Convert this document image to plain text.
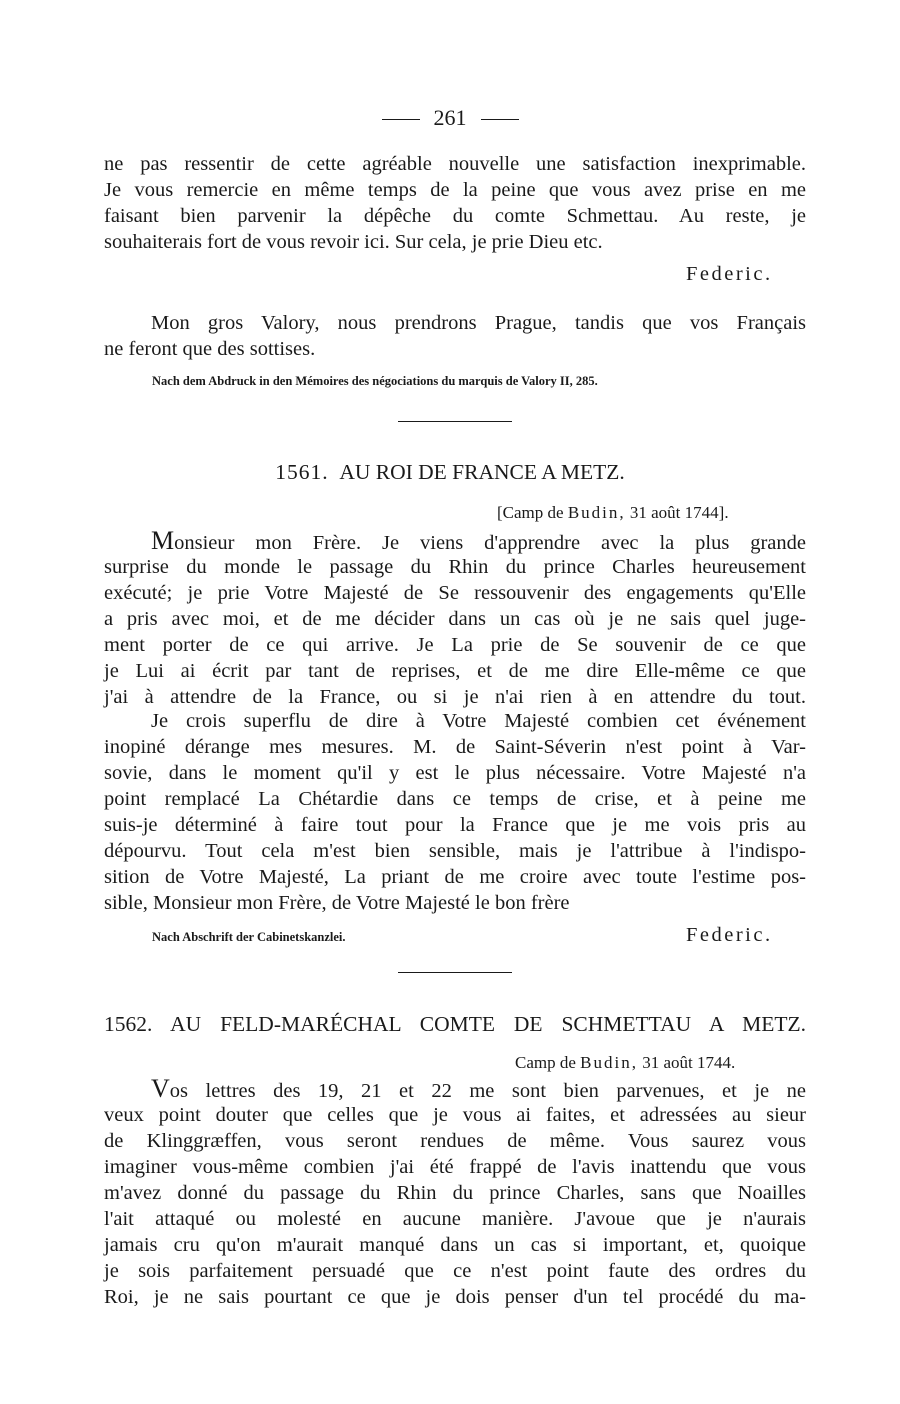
261
ne pas ressentir de cette agréable nouvelle une satisfaction inexprimable.
Je vous remercie en même temps de la peine que vous avez prise en me
faisant bien parvenir la dépêche du comte Schmettau. Au reste, je
souhaiterais fort de vous revoir ici. Sur cela, je prie Dieu etc.
Federic.
Mon gros Valory, nous prendrons Prague, tandis que vos Français
ne feront que des sottises.
Nach dem Abdruck in den Mémoires des négociations du marquis de Valory II, 285.
1561. AU ROI DE FRANCE A METZ.
[Camp de Budin, 31 août 1744].
Monsieur mon Frère. Je viens d'apprendre avec la plus grande
surprise du monde le passage du Rhin du prince Charles heureusement
exécuté; je prie Votre Majesté de Se ressouvenir des engagements qu'Elle
a pris avec moi, et de me décider dans un cas où je ne sais quel juge-
ment porter de ce qui arrive. Je La prie de Se souvenir de ce que
je Lui ai écrit par tant de reprises, et de me dire Elle-même ce que
j'ai à attendre de la France, ou si je n'ai rien à en attendre du tout.
Je crois superflu de dire à Votre Majesté combien cet événement
inopiné dérange mes mesures. M. de Saint-Séverin n'est point à Var-
sovie, dans le moment qu'il y est le plus nécessaire. Votre Majesté n'a
point remplacé La Chétardie dans ce temps de crise, et à peine me
suis-je déterminé à faire tout pour la France que je me vois pris au
dépourvu. Tout cela m'est bien sensible, mais je l'attribue à l'indispo-
sition de Votre Majesté, La priant de me croire avec toute l'estime pos-
sible, Monsieur mon Frère, de Votre Majesté le bon frère
Nach Abschrift der Cabinetskanzlei.	Federic.
1562. AU FELD-MARÉCHAL COMTE DE SCHMETTAU A METZ.
Camp de Budin, 31 août 1744.
Vos lettres des 19, 21 et 22 me sont bien parvenues, et je ne
veux point douter que celles que je vous ai faites, et adressées au sieur
de Klinggræffen, vous seront rendues de même. Vous saurez vous
imaginer vous-même combien j'ai été frappé de l'avis inattendu que vous
m'avez donné du passage du Rhin du prince Charles, sans que Noailles
l'ait attaqué ou molesté en aucune manière. J'avoue que je n'aurais
jamais cru qu'on m'aurait manqué dans un cas si important, et, quoique
je sois parfaitement persuadé que ce n'est point faute des ordres du
Roi, je ne sais pourtant ce que je dois penser d'un tel procédé du ma-
